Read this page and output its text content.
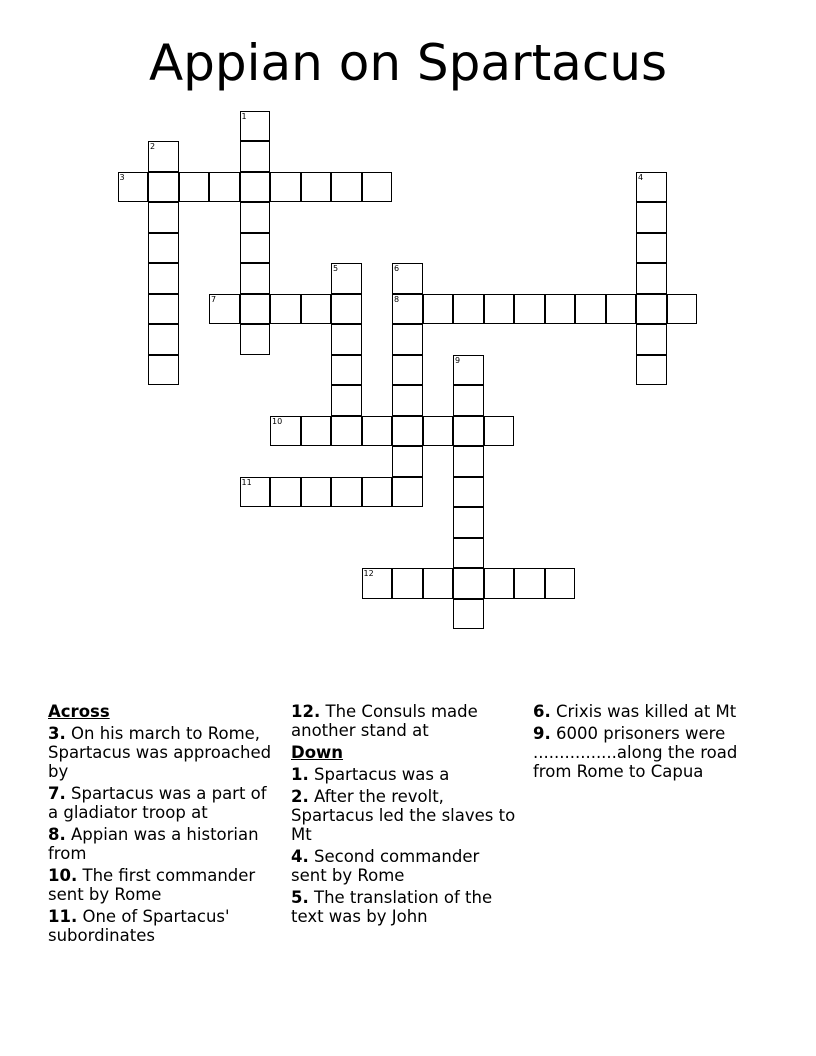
Appian on Spartacus
1
2
3	4
5	6
8
7
9
10
11
12
Across
3. On his march to Rome, Spartacus was approached by
7. Spartacus was a part of a gladiator troop at
8. Appian was a historian from
10. The first commander sent by Rome
11. One of Spartacus' subordinates
12. The Consuls made another stand at
Down
1. Spartacus was a
2. After the revolt, Spartacus led the slaves to Mt
4. Second commander sent by Rome
5. The translation of the text was by John
6. Crixis was killed at Mt
9. 6000 prisoners were ................along the road from Rome to Capua
